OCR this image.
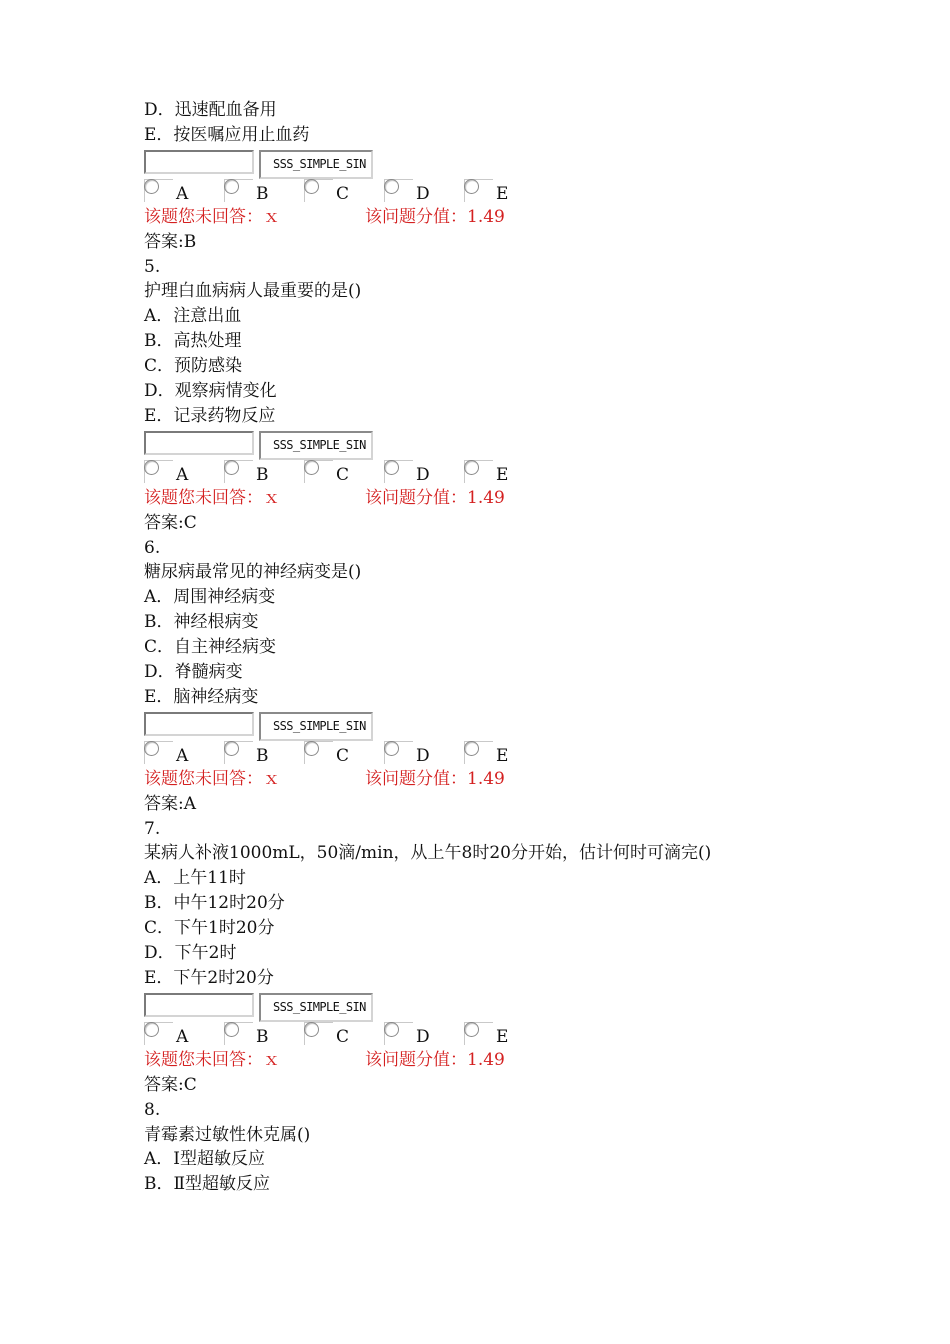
D．迅速配血备用
E．按医嘱应用止血药
SSS_SIMPLE_SIN
A	B	C	D	E
该题您未回答：ｘ	该问题分值：1.49
答案:B
5.
护理白血病病人最重要的是()
A．注意出血
B．高热处理
C．预防感染
D．观察病情变化
E．记录药物反应
SSS_SIMPLE_SIN
A	B	C	D	E
该题您未回答：ｘ	该问题分值：1.49
答案:C
6.
糖尿病最常见的神经病变是()
A．周围神经病变
B．神经根病变
C．自主神经病变
D．脊髓病变
E．脑神经病变
SSS_SIMPLE_SIN
A	B	C	D	E
该题您未回答：ｘ	该问题分值：1.49
答案:A
7.
某病人补液1000mL，50滴/min，从上午8时20分开始，估计何时可滴完()
A．上午11时
B．中午12时20分
C．下午1时20分
D．下午2时
E．下午2时20分
SSS_SIMPLE_SIN
A	B	C	D	E
该题您未回答：ｘ	该问题分值：1.49
答案:C
8.
青霉素过敏性休克属()
A．Ⅰ型超敏反应
B．Ⅱ型超敏反应
